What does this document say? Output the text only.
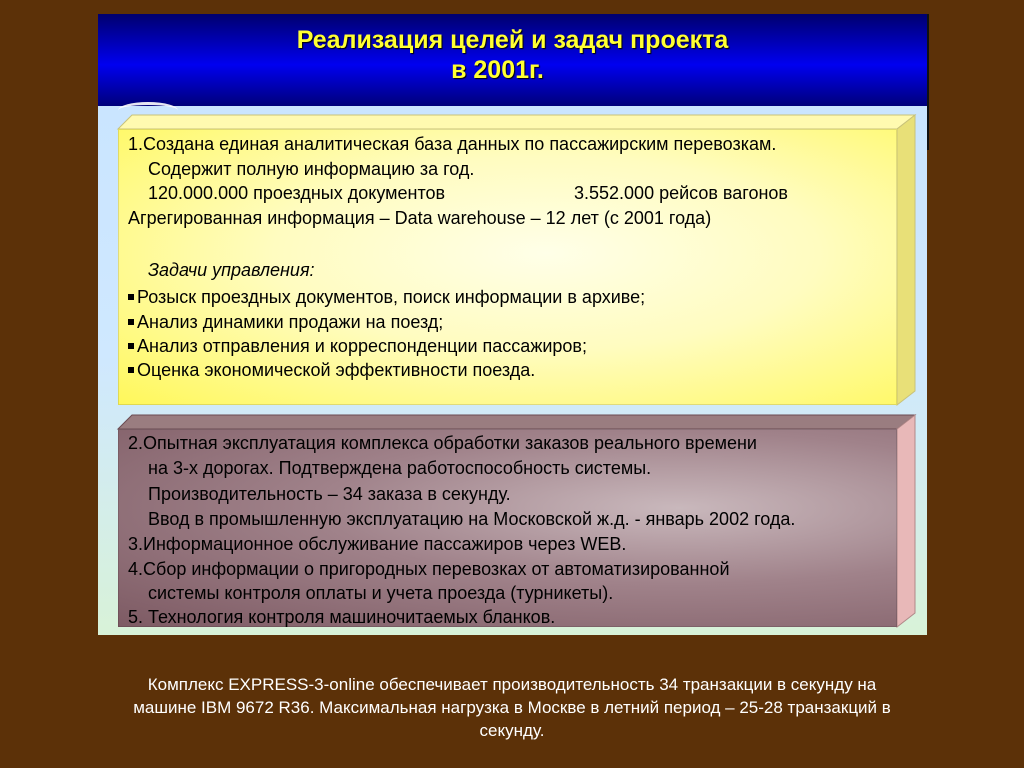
Реализация целей и задач проекта
в 2001г.
1.Создана единая аналитическая база данных по пассажирским перевозкам.
Содержит полную информацию за год.
120.000.000 проездных документов	3.552.000 рейсов вагонов
Агрегированная информация – Data warehouse – 12 лет (с 2001 года)
Задачи управления:
Розыск проездных документов, поиск информации в архиве;
Анализ динамики продажи на поезд;
Анализ отправления и корреспонденции пассажиров;
Оценка экономической эффективности поезда.
2.Опытная эксплуатация комплекса обработки заказов реального времени
на 3-х дорогах. Подтверждена работоспособность системы.
Производительность – 34 заказа в секунду.
Ввод в промышленную эксплуатацию на Московской ж.д. - январь 2002 года.
3.Информационное обслуживание пассажиров через WEB.
4.Сбор информации о пригородных перевозках от автоматизированной
системы контроля оплаты и учета проезда (турникеты).
5. Технология контроля машиночитаемых бланков.
Комплекс EXPRESS-3-online обеспечивает производительность 34 транзакции в секунду на
машине IBM 9672 R36. Максимальная нагрузка в Москве в летний период – 25-28 транзакций в
секунду.
